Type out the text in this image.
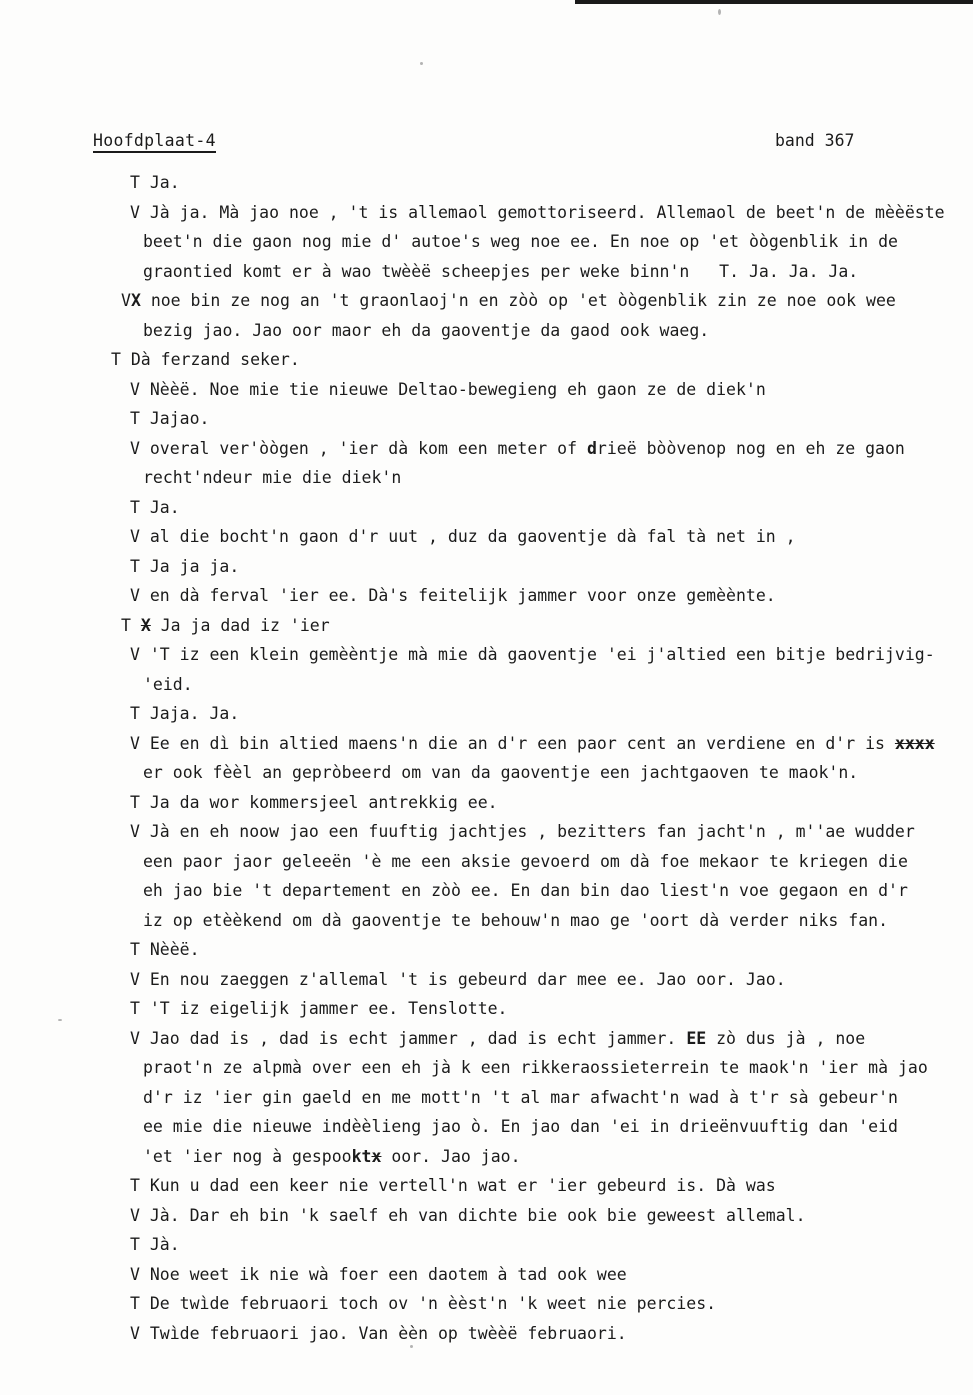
Hoofdplaat-4	band 367
T Ja.
V Jà ja. Mà jao noe , 't is allemaol gemottoriseerd. Allemaol de beet'n de mèèëste
beet'n die gaon nog mie d' autoe's weg noe ee. En noe op 'et òògenblik in de
graontied komt er à wao twèèë scheepjes per weke binn'n   T. Ja. Ja. Ja.
VX noe bin ze nog an 't graonlaoj'n en zòò op 'et òògenblik zin ze noe ook wee
bezig jao. Jao oor maor eh da gaoventje da gaod ook waeg.
T Dà ferzand seker.
V Nèèë. Noe mie tie nieuwe Deltao-bewegieng eh gaon ze de diek'n
T Jajao.
V overal ver'òògen , 'ier dà kom een meter of drieë bòòvenop nog en eh ze gaon
recht'ndeur mie die diek'n
T Ja.
V al die bocht'n gaon d'r uut , duz da gaoventje dà fal tà net in ,
T Ja ja ja.
V en dà ferval 'ier ee. Dà's feitelijk jammer voor onze gemèènte.
T X Ja ja dad iz 'ier
V 'T iz een klein gemèèntje mà mie dà gaoventje 'ei j'altied een bitje bedrijvig-
'eid.
T Jaja. Ja.
V Ee en dì bin altied maens'n die an d'r een paor cent an verdiene en d'r is xxxx
er ook fèèl an gepròbeerd om van da gaoventje een jachtgaoven te maok'n.
T Ja da wor kommersjeel antrekkig ee.
V Jà en eh noow jao een fuuftig jachtjes , bezitters fan jacht'n , m''ae wudder
een paor jaor geleeën 'è me een aksie gevoerd om dà foe mekaor te kriegen die
eh jao bie 't departement en zòò ee. En dan bin dao liest'n voe gegaon en d'r
iz op etèèkend om dà gaoventje te behouw'n mao ge 'oort dà verder niks fan.
T Nèèë.
V En nou zaeggen z'allemal 't is gebeurd dar mee ee. Jao oor. Jao.
T 'T iz eigelijk jammer ee. Tenslotte.
V Jao dad is , dad is echt jammer , dad is echt jammer. EE zò dus jà , noe
praot'n ze alpmà over een eh jà k een rikkeraossieterrein te maok'n 'ier mà jao
d'r iz 'ier gin gaeld en me mott'n 't al mar afwacht'n wad à t'r sà gebeur'n
ee mie die nieuwe indèèlieng jao ò. En jao dan 'ei in drieënvuuftig dan 'eid
'et 'ier nog à gespooktx oor. Jao jao.
T Kun u dad een keer nie vertell'n wat er 'ier gebeurd is. Dà was
V Jà. Dar eh bin 'k saelf eh van dichte bie ook bie geweest allemal.
T Jà.
V Noe weet ik nie wà foer een daotem à tad ook wee
T De twìde februaori toch ov 'n èèst'n 'k weet nie percies.
V Twìde februaori jao. Van èèn op twèèë februaori.
